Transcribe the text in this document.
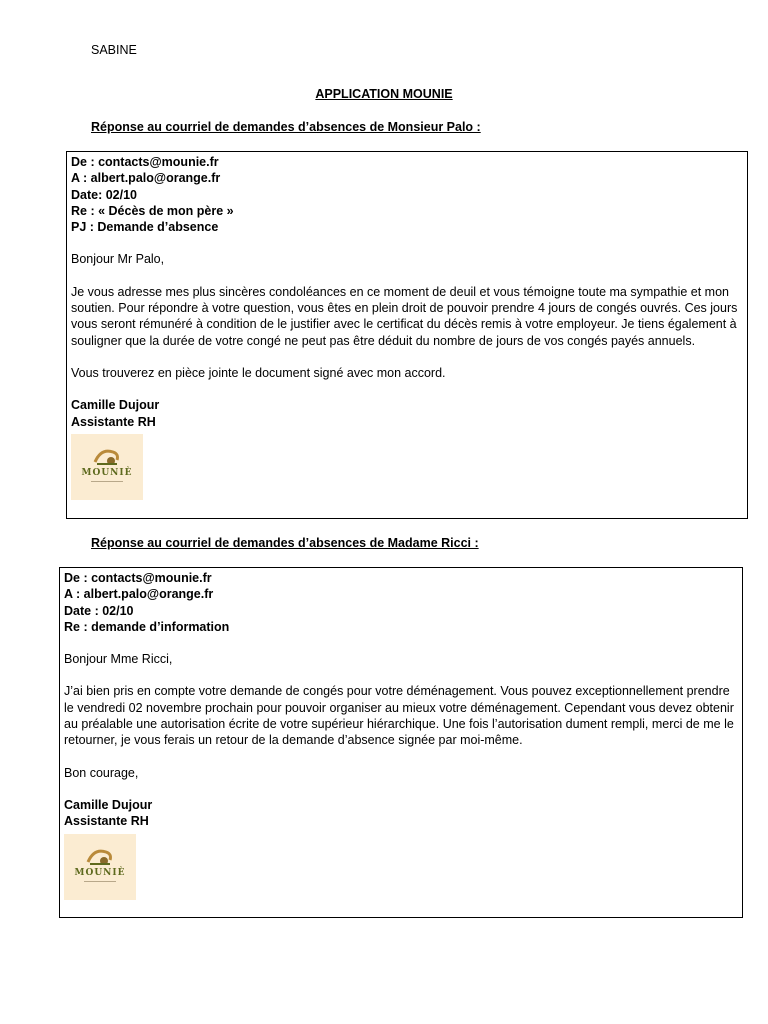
SABINE
APPLICATION MOUNIE
Réponse au courriel de demandes d’absences de Monsieur Palo :
De : contacts@mounie.fr
A : albert.palo@orange.fr
Date: 02/10
Re : « Décès de mon père »
PJ : Demande d’absence

Bonjour Mr Palo,

Je vous adresse mes plus sincères condoléances en ce moment de deuil et vous témoigne toute ma sympathie et mon soutien. Pour répondre à votre question, vous êtes en plein droit de pouvoir prendre 4 jours de congés ouvrés. Ces jours vous seront rémunéré à condition de le justifier avec le certificat du décès remis à votre employeur. Je tiens également à souligner que la durée de votre congé ne peut pas être déduit du nombre de jours de vos congés payés annuels.

Vous trouverez en pièce jointe le document signé avec mon accord.

Camille Dujour
Assistante RH
MOUNIÈ
Réponse au courriel de demandes d’absences de Madame Ricci :
De : contacts@mounie.fr
A : albert.palo@orange.fr
Date : 02/10
Re : demande d’information

Bonjour Mme Ricci,

J’ai bien pris en compte votre demande de congés pour votre déménagement. Vous pouvez exceptionnellement prendre le vendredi 02 novembre prochain pour pouvoir organiser au mieux votre déménagement. Cependant vous devez obtenir au préalable une autorisation écrite de votre supérieur hiérarchique. Une fois l’autorisation dument rempli, merci de me le retourner, je vous ferais un retour de la demande d’absence signée par moi-même.

Bon courage,

Camille Dujour
Assistante RH
MOUNIÈ
